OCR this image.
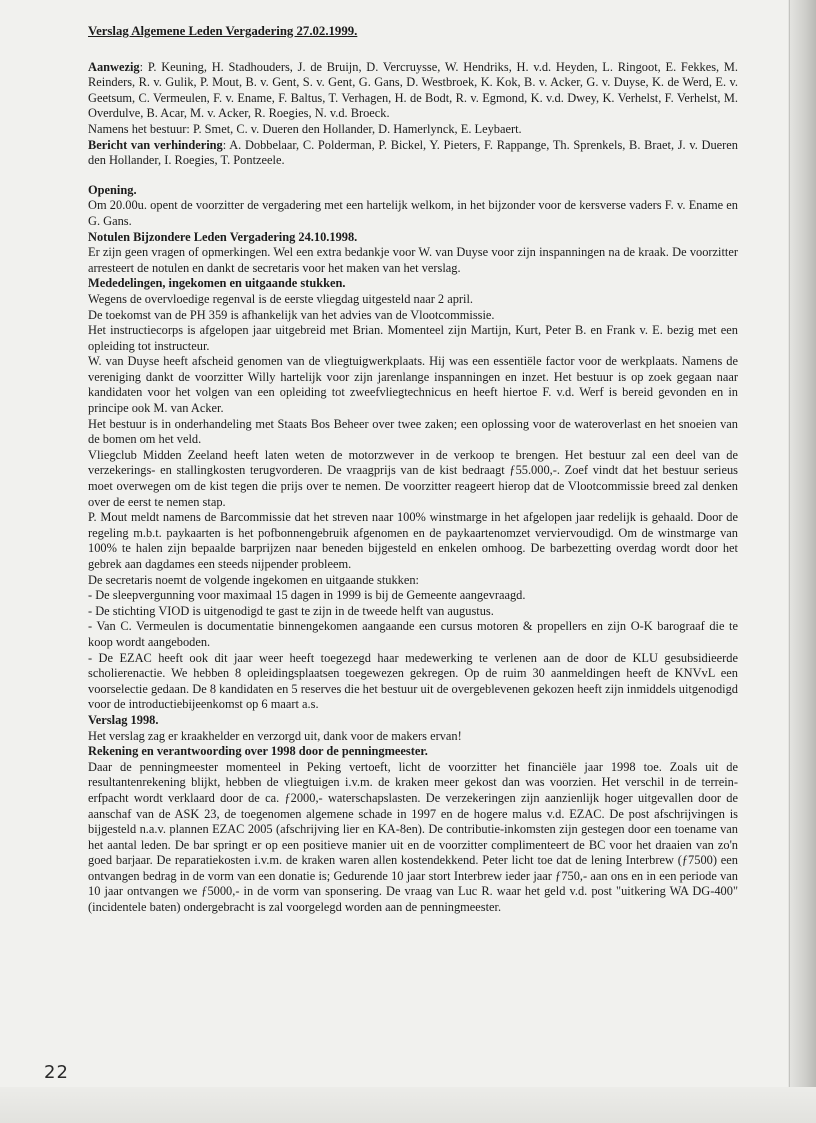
Verslag Algemene Leden Vergadering 27.02.1999.

Aanwezig: P. Keuning, H. Stadhouders, J. de Bruijn, D. Vercruysse, W. Hendriks, H. v.d. Heyden, L. Ringoot, E. Fekkes, M. Reinders, R. v. Gulik, P. Mout, B. v. Gent, S. v. Gent, G. Gans, D. Westbroek, K. Kok, B. v. Acker, G. v. Duyse, K. de Werd, E. v. Geetsum, C. Vermeulen, F. v. Ename, F. Baltus, T. Verhagen, H. de Bodt, R. v. Egmond, K. v.d. Dwey, K. Verhelst, F. Verhelst, M. Overdulve, B. Acar, M. v. Acker, R. Roegies, N. v.d. Broeck.

Namens het bestuur: P. Smet, C. v. Dueren den Hollander, D. Hamerlynck, E. Leybaert.

Bericht van verhindering: A. Dobbelaar, C. Polderman, P. Bickel, Y. Pieters, F. Rappange, Th. Sprenkels, B. Braet, J. v. Dueren den Hollander, I. Roegies, T. Pontzeele.

Opening.

Om 20.00u. opent de voorzitter de vergadering met een hartelijk welkom, in het bijzonder voor de kersverse vaders F. v. Ename en G. Gans.

Notulen Bijzondere Leden Vergadering 24.10.1998.

Er zijn geen vragen of opmerkingen. Wel een extra bedankje voor W. van Duyse voor zijn inspanningen na de kraak. De voorzitter arresteert de notulen en dankt de secretaris voor het maken van het verslag.

Mededelingen, ingekomen en uitgaande stukken.

Wegens de overvloedige regenval is de eerste vliegdag uitgesteld naar 2 april.

De toekomst van de PH 359 is afhankelijk van het advies van de Vlootcommissie.

Het instructiecorps is afgelopen jaar uitgebreid met Brian. Momenteel zijn Martijn, Kurt, Peter B. en Frank v. E. bezig met een opleiding tot instructeur.

W. van Duyse heeft afscheid genomen van de vliegtuigwerkplaats. Hij was een essentiële factor voor de werkplaats. Namens de vereniging dankt de voorzitter Willy hartelijk voor zijn jarenlange inspanningen en inzet. Het bestuur is op zoek gegaan naar kandidaten voor het volgen van een opleiding tot zweefvliegtechnicus en heeft hiertoe F. v.d. Werf is bereid gevonden en in principe ook M. van Acker.

Het bestuur is in onderhandeling met Staats Bos Beheer over twee zaken; een oplossing voor de wateroverlast en het snoeien van de bomen om het veld.

Vliegclub Midden Zeeland heeft laten weten de motorzwever in de verkoop te brengen. Het bestuur zal een deel van de verzekerings- en stallingkosten terugvorderen. De vraagprijs van de kist bedraagt ƒ55.000,-. Zoef vindt dat het bestuur serieus moet overwegen om de kist tegen die prijs over te nemen. De voorzitter reageert hierop dat de Vlootcommissie breed zal denken over de eerst te nemen stap.

P. Mout meldt namens de Barcommissie dat het streven naar 100% winstmarge in het afgelopen jaar redelijk is gehaald. Door de regeling m.b.t. paykaarten is het pofbonnengebruik afgenomen en de paykaartenomzet verviervoudigd. Om de winstmarge van 100% te halen zijn bepaalde barprijzen naar beneden bijgesteld en enkelen omhoog. De barbezetting overdag wordt door het gebrek aan dagdames een steeds nijpender probleem.

De secretaris noemt de volgende ingekomen en uitgaande stukken:

- De sleepvergunning voor maximaal 15 dagen in 1999 is bij de Gemeente aangevraagd.

- De stichting VIOD is uitgenodigd te gast te zijn in de tweede helft van augustus.

- Van C. Vermeulen is documentatie binnengekomen aangaande een cursus motoren & propellers en zijn O-K barograaf die te koop wordt aangeboden.

- De EZAC heeft ook dit jaar weer heeft toegezegd haar medewerking te verlenen aan de door de KLU gesubsidieerde scholierenactie. We hebben 8 opleidingsplaatsen toegewezen gekregen. Op de ruim 30 aanmeldingen heeft de KNVvL een voorselectie gedaan. De 8 kandidaten en 5 reserves die het bestuur uit de overgeblevenen gekozen heeft zijn inmiddels uitgenodigd voor de introductiebijeenkomst op 6 maart a.s.

Verslag 1998.

Het verslag zag er kraakhelder en verzorgd uit, dank voor de makers ervan!

Rekening en verantwoording over 1998 door de penningmeester.

Daar de penningmeester momenteel in Peking vertoeft, licht de voorzitter het financiële jaar 1998 toe. Zoals uit de resultantenrekening blijkt, hebben de vliegtuigen i.v.m. de kraken meer gekost dan was voorzien. Het verschil in de terrein- erfpacht wordt verklaard door de ca. ƒ2000,- waterschapslasten. De verzekeringen zijn aanzienlijk hoger uitgevallen door de aanschaf van de ASK 23, de toegenomen algemene schade in 1997 en de hogere malus v.d. EZAC. De post afschrijvingen is bijgesteld n.a.v. plannen EZAC 2005 (afschrijving lier en KA-8en). De contributie-inkomsten zijn gestegen door een toename van het aantal leden. De bar springt er op een positieve manier uit en de voorzitter complimenteert de BC voor het draaien van zo'n goed barjaar. De reparatiekosten i.v.m. de kraken waren allen kostendekkend. Peter licht toe dat de lening Interbrew (ƒ7500) een ontvangen bedrag in de vorm van een donatie is; Gedurende 10 jaar stort Interbrew ieder jaar ƒ750,- aan ons en in een periode van 10 jaar ontvangen we ƒ5000,- in de vorm van sponsering. De vraag van Luc R. waar het geld v.d. post "uitkering WA DG-400" (incidentele baten) ondergebracht is zal voorgelegd worden aan de penningmeester.

22
